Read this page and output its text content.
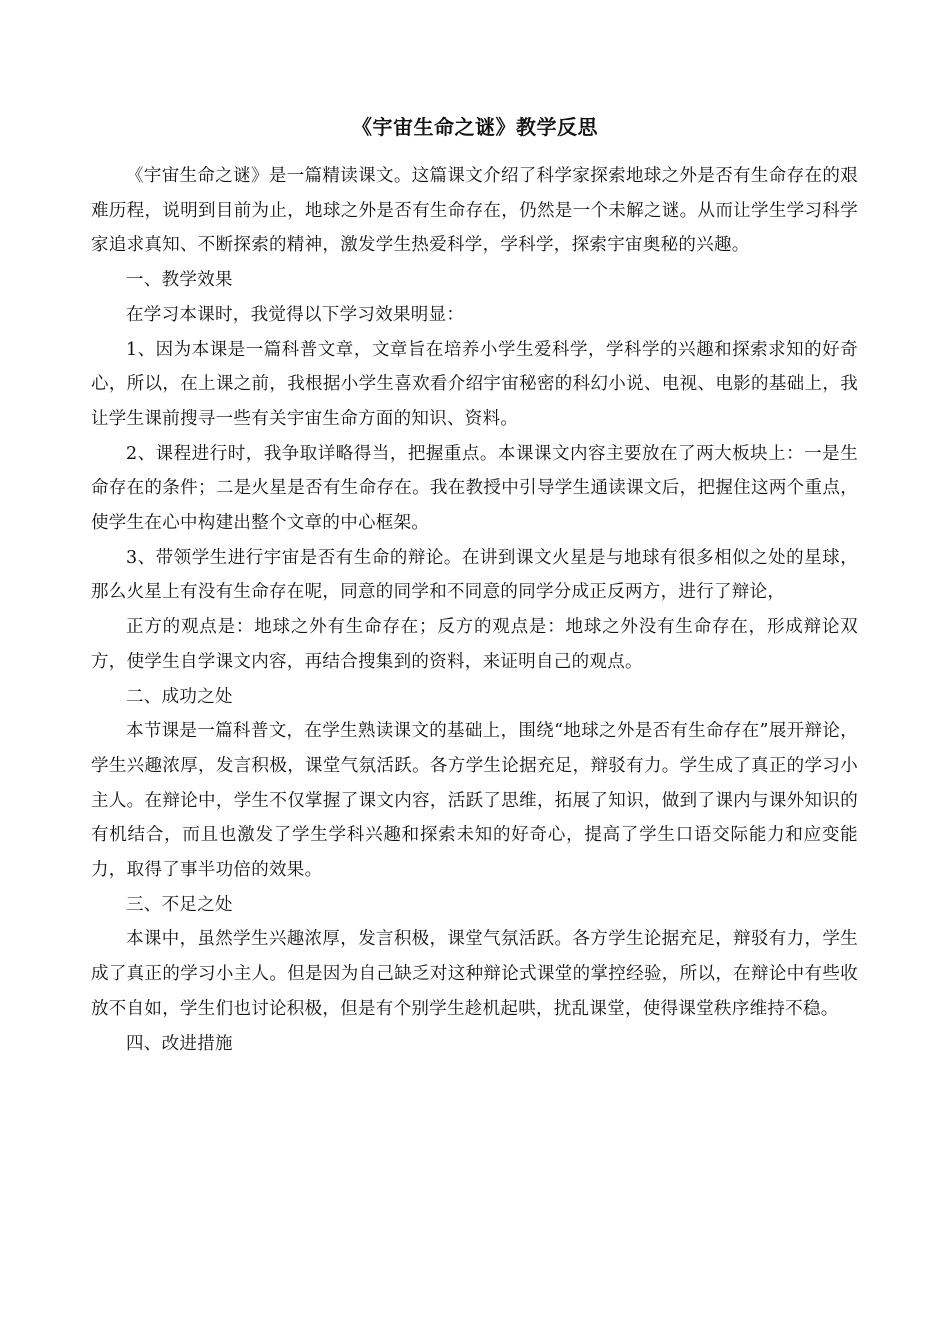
《宇宙生命之谜》教学反思

《宇宙生命之谜》是一篇精读课文。这篇课文介绍了科学家探索地球之外是否有生命存在的艰难历程，说明到目前为止，地球之外是否有生命存在，仍然是一个未解之谜。从而让学生学习科学家追求真知、不断探索的精神，激发学生热爱科学，学科学，探索宇宙奥秘的兴趣。

一、教学效果

在学习本课时，我觉得以下学习效果明显：

1、因为本课是一篇科普文章，文章旨在培养小学生爱科学，学科学的兴趣和探索求知的好奇心，所以，在上课之前，我根据小学生喜欢看介绍宇宙秘密的科幻小说、电视、电影的基础上，我让学生课前搜寻一些有关宇宙生命方面的知识、资料。

2、课程进行时，我争取详略得当，把握重点。本课课文内容主要放在了两大板块上：一是生命存在的条件；二是火星是否有生命存在。我在教授中引导学生通读课文后，把握住这两个重点，使学生在心中构建出整个文章的中心框架。

3、带领学生进行宇宙是否有生命的辩论。在讲到课文火星是与地球有很多相似之处的星球，那么火星上有没有生命存在呢，同意的同学和不同意的同学分成正反两方，进行了辩论，

正方的观点是：地球之外有生命存在；反方的观点是：地球之外没有生命存在，形成辩论双方，使学生自学课文内容，再结合搜集到的资料，来证明自己的观点。

二、成功之处

本节课是一篇科普文，在学生熟读课文的基础上，围绕“地球之外是否有生命存在”展开辩论，学生兴趣浓厚，发言积极，课堂气氛活跃。各方学生论据充足，辩驳有力。学生成了真正的学习小主人。在辩论中，学生不仅掌握了课文内容，活跃了思维，拓展了知识，做到了课内与课外知识的有机结合，而且也激发了学生学科兴趣和探索未知的好奇心，提高了学生口语交际能力和应变能力，取得了事半功倍的效果。

三、不足之处

本课中，虽然学生兴趣浓厚，发言积极，课堂气氛活跃。各方学生论据充足，辩驳有力，学生成了真正的学习小主人。但是因为自己缺乏对这种辩论式课堂的掌控经验，所以，在辩论中有些收放不自如，学生们也讨论积极，但是有个别学生趁机起哄，扰乱课堂，使得课堂秩序维持不稳。

四、改进措施
